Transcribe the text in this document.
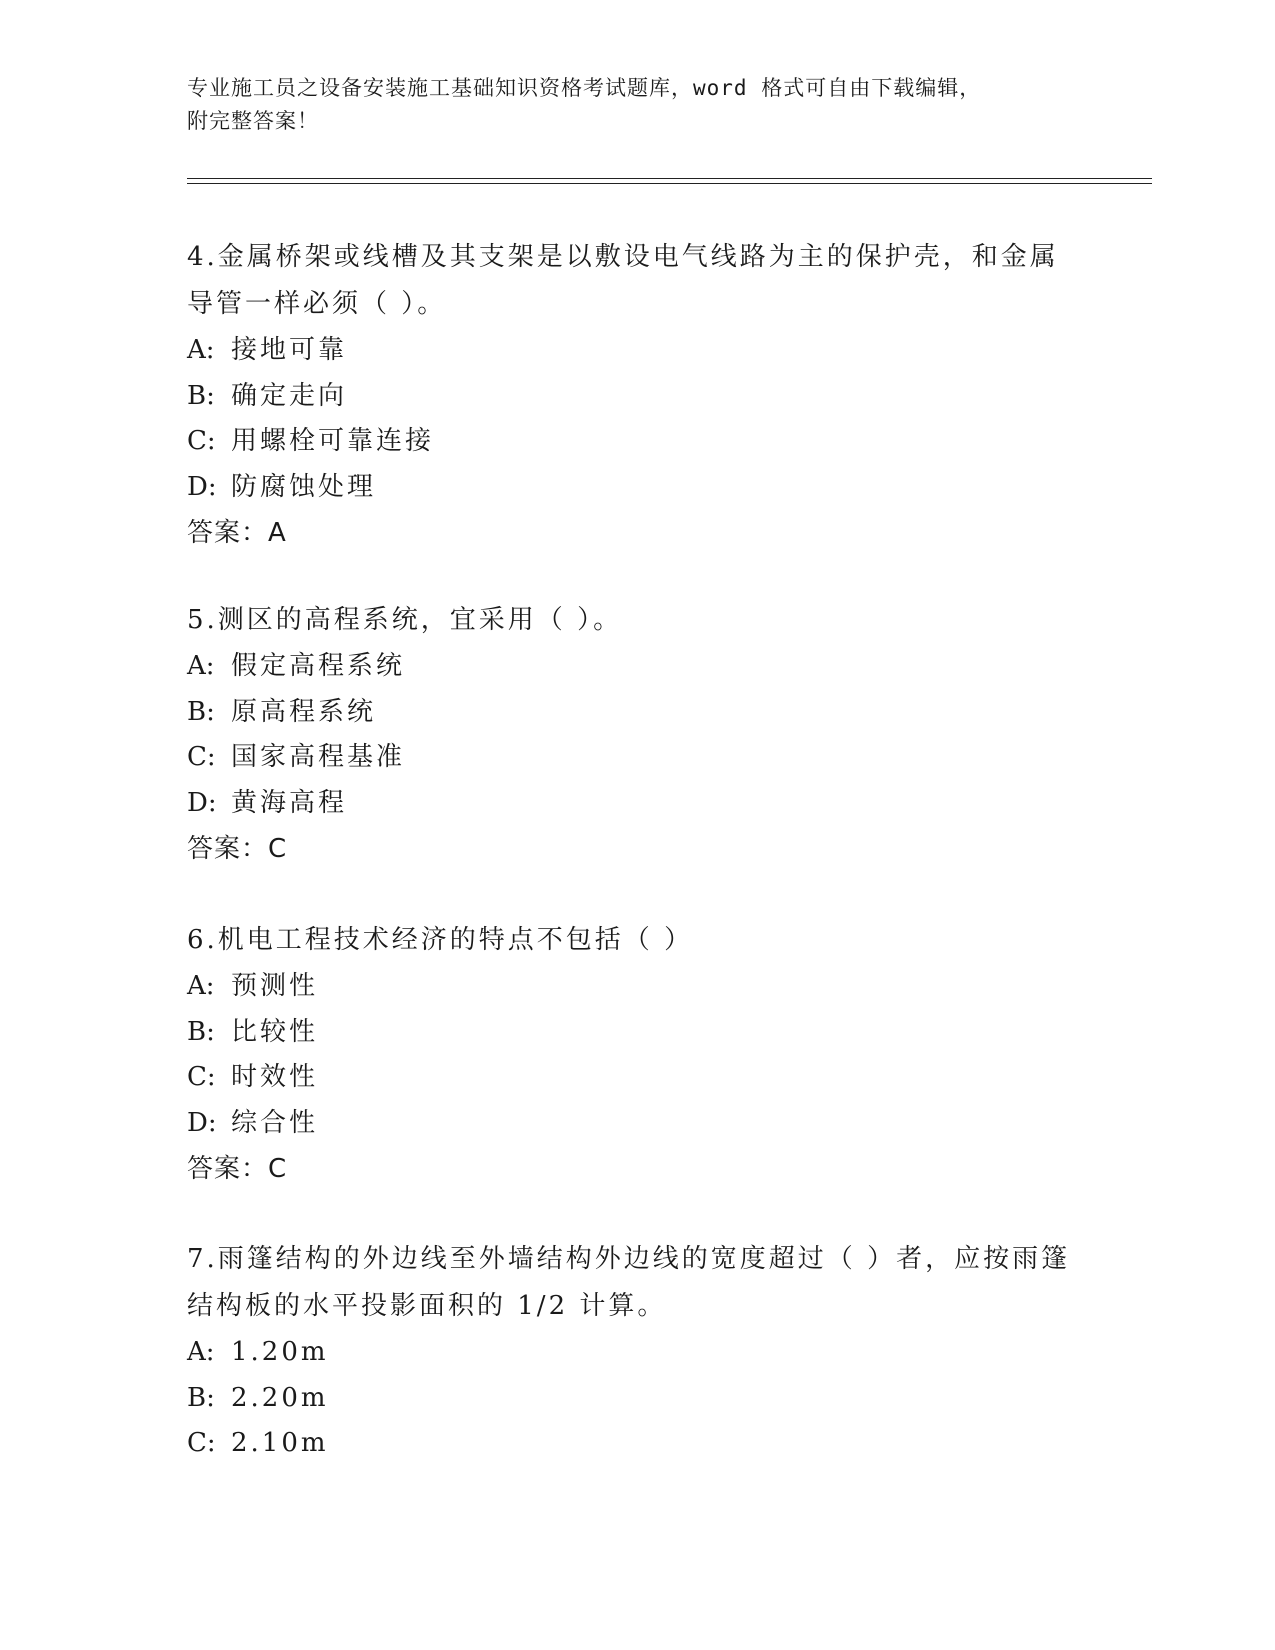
专业施工员之设备安装施工基础知识资格考试题库，word 格式可自由下载编辑，
附完整答案！
4.金属桥架或线槽及其支架是以敷设电气线路为主的保护壳，和金属
导管一样必须（ ）。
A: 接地可靠
B: 确定走向
C: 用螺栓可靠连接
D: 防腐蚀处理
答案：A
5.测区的高程系统，宜采用（ ）。
A: 假定高程系统
B: 原高程系统
C: 国家高程基准
D: 黄海高程
答案：C
6.机电工程技术经济的特点不包括（ ）
A: 预测性
B: 比较性
C: 时效性
D: 综合性
答案：C
7.雨篷结构的外边线至外墙结构外边线的宽度超过（ ）者，应按雨篷
结构板的水平投影面积的 1/2 计算。
A: 1.20m
B: 2.20m
C: 2.10m
